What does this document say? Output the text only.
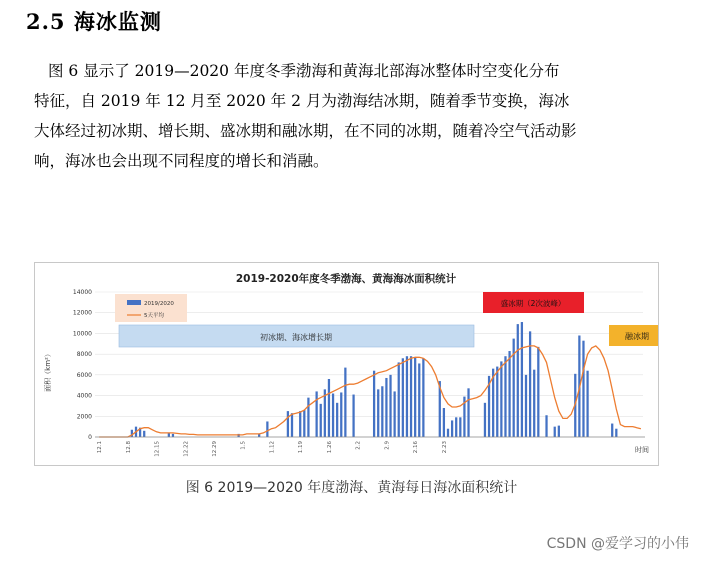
2.5 海冰监测
图 6 显示了 2019—2020 年度冬季渤海和黄海北部海冰整体时空变化分布
特征，自 2019 年 12 月至 2020 年 2 月为渤海结冰期，随着季节变换，海冰
大体经过初冰期、增长期、盛冰期和融冰期，在不同的冰期，随着冷空气活动影
响，海冰也会出现不同程度的增长和消融。
2019-2020年度冬季渤海、黄海海冰面积统计
面积（km²）
时间
0
2000
4000
6000
8000
10000
12000
14000
12.1	12.8	12.15	12.22	12.29	1.5	1.12	1.19	1.26	2.2	2.9	2.16	2.23
初冰期、海冰增长期
盛冰期（2次波峰）
融冰期
2019/2020
5天平均
图 6 2019—2020 年度渤海、黄海每日海冰面积统计
CSDN @爱学习的小伟
